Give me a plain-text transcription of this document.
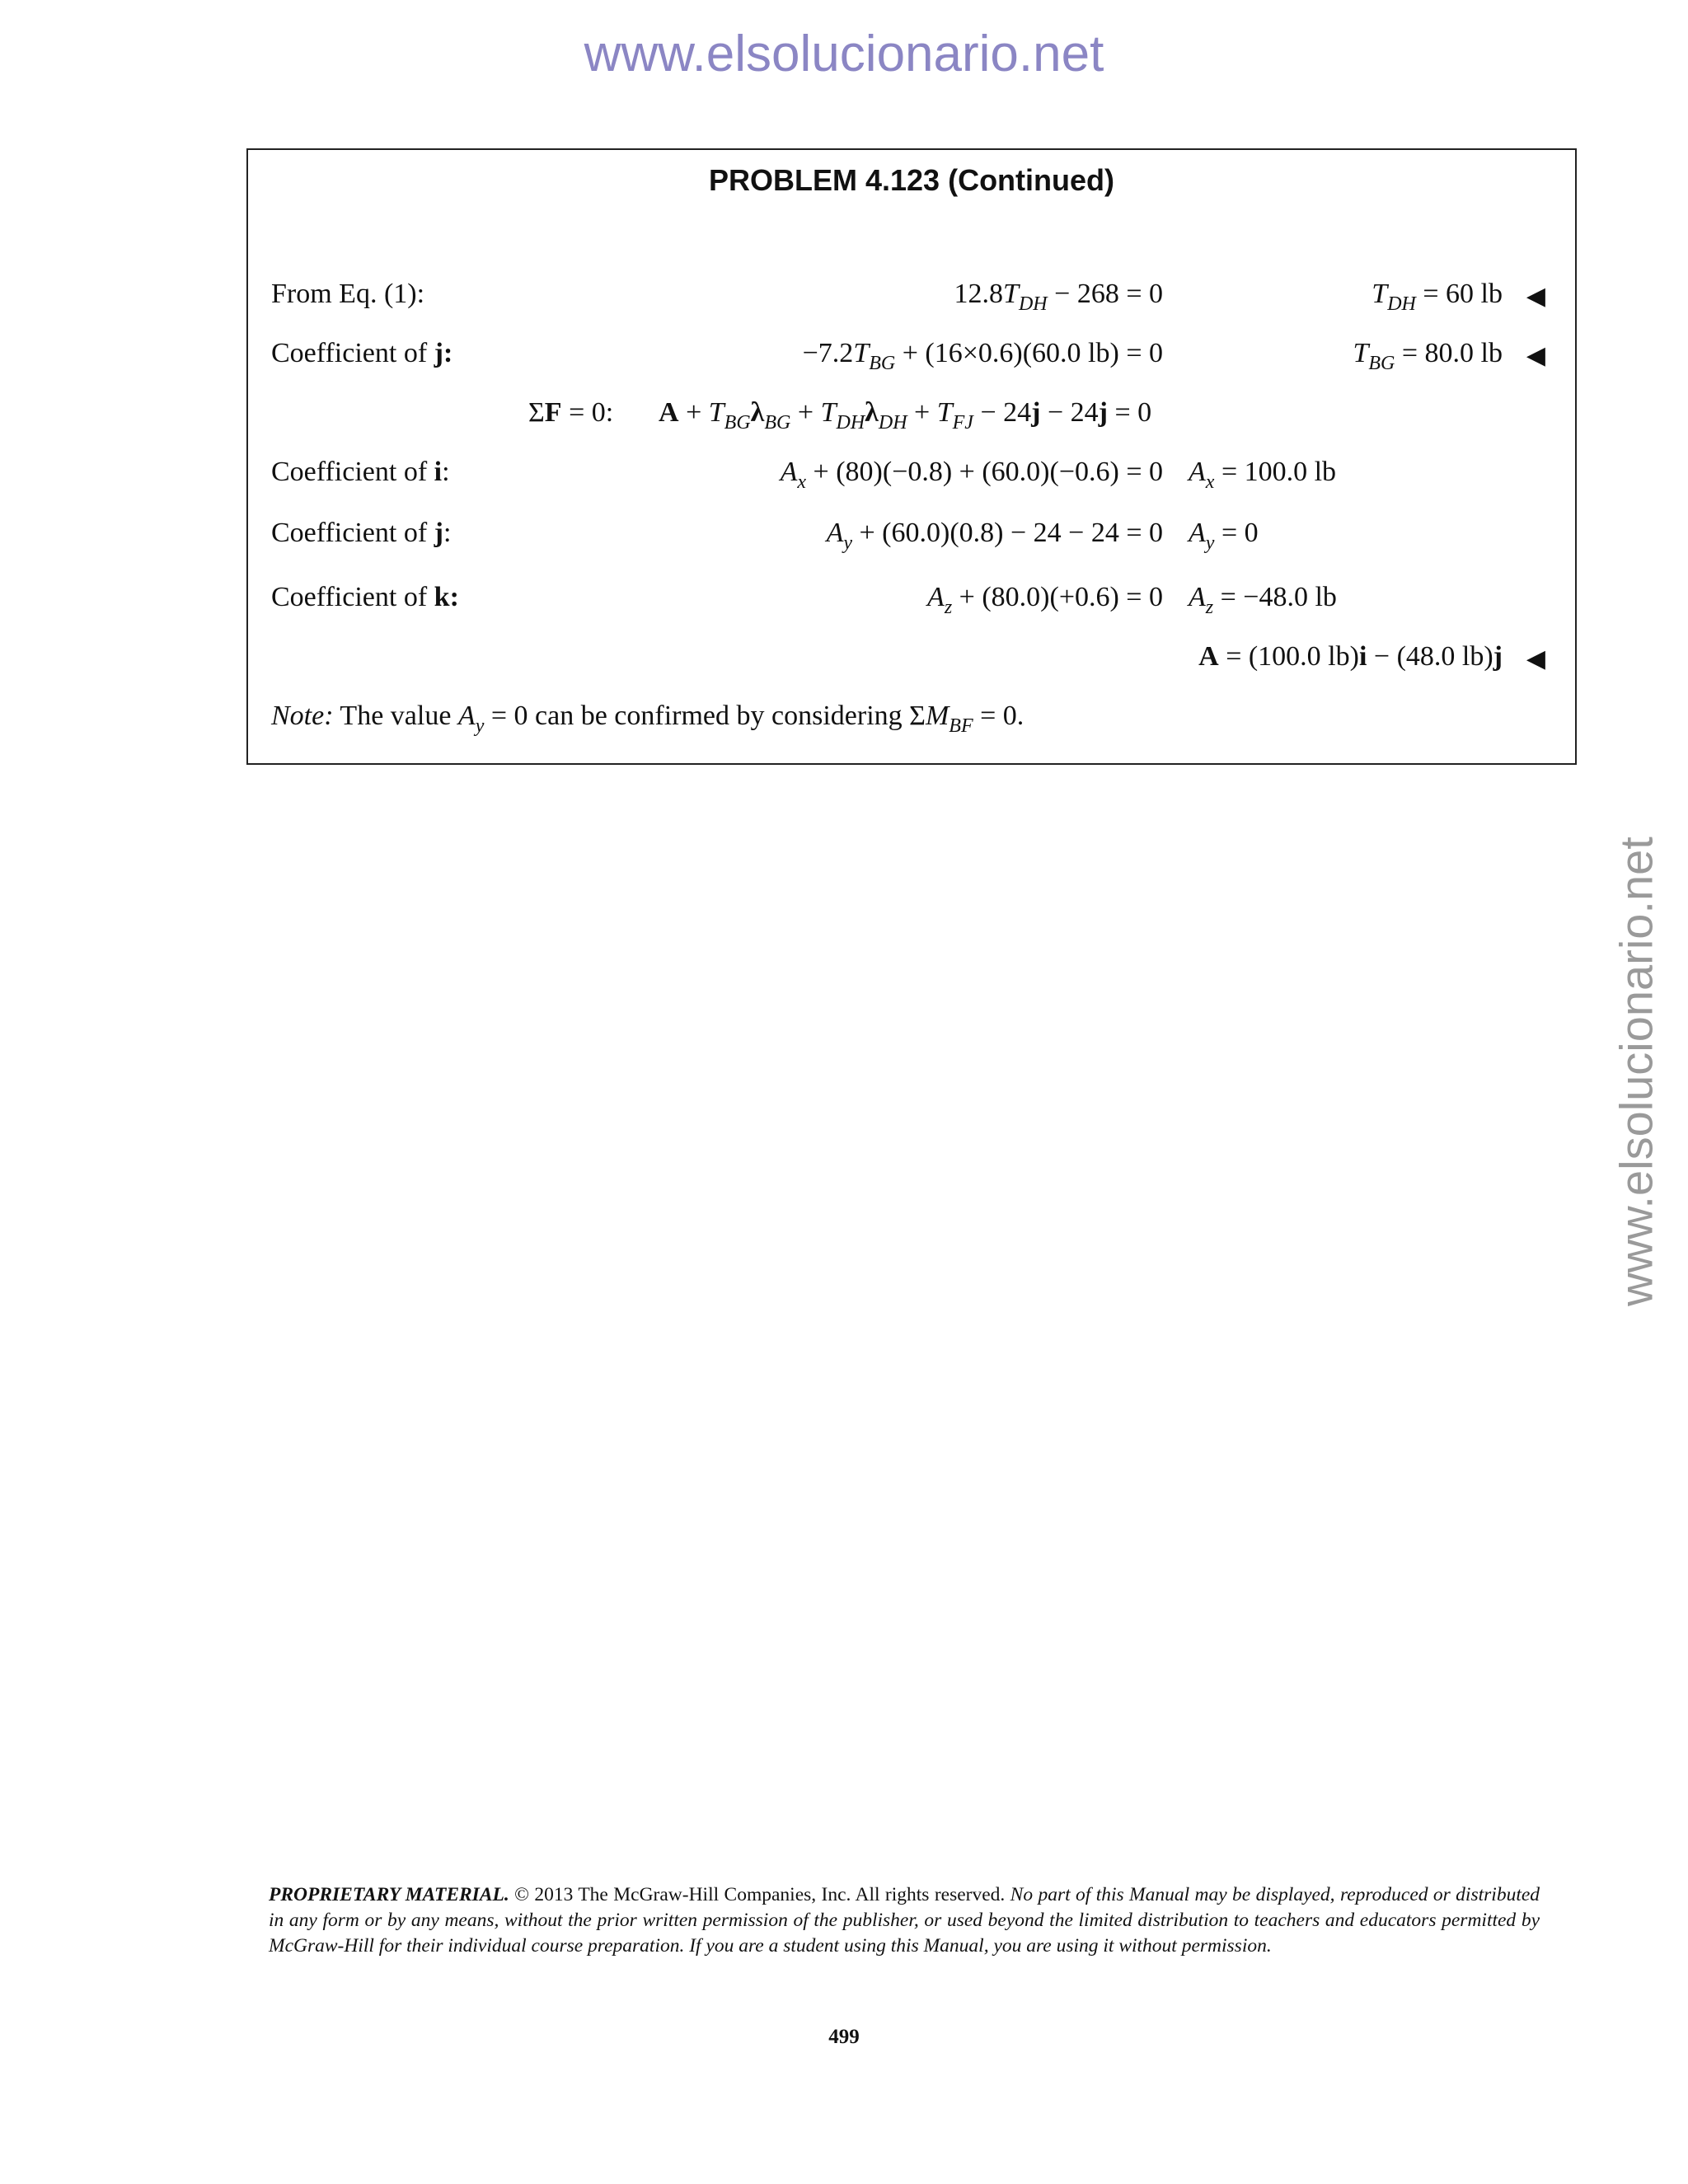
www.elsolucionario.net
www.elsolucionario.net
PROBLEM 4.123 (Continued)
From Eq. (1):	$12.8T_{DH} - 268 = 0$	$T_{DH} = 60$ lb ◀
Coefficient of j:	$-7.2T_{BG} + (16\times 0.6)(60.0$ lb) = 0	$T_{BG} = 80.0$ lb ◀
ΣF = 0: $A + T_{BG}\lambda_{BG} + T_{DH}\lambda_{DH} + T_{FJ} - 24j - 24j = 0$
Coefficient of i:	$A_x + (80)(-0.8) + (60.0)(-0.6) = 0$ $A_x = 100.0$ lb
Coefficient of j:	$A_y + (60.0)(0.8) - 24 - 24 = 0$ $A_y = 0$
Coefficient of k:	$A_z + (80.0)(+0.6) = 0$ $A_z = -48.0$ lb
A = (100.0 lb)i − (48.0 lb)j ◀
Note: The value $A_y = 0$ can be confirmed by considering $\Sigma M_{BF} = 0$.
PROPRIETARY MATERIAL. © 2013 The McGraw-Hill Companies, Inc. All rights reserved. No part of this Manual may be displayed, reproduced or distributed in any form or by any means, without the prior written permission of the publisher, or used beyond the limited distribution to teachers and educators permitted by McGraw-Hill for their individual course preparation. If you are a student using this Manual, you are using it without permission.
499
